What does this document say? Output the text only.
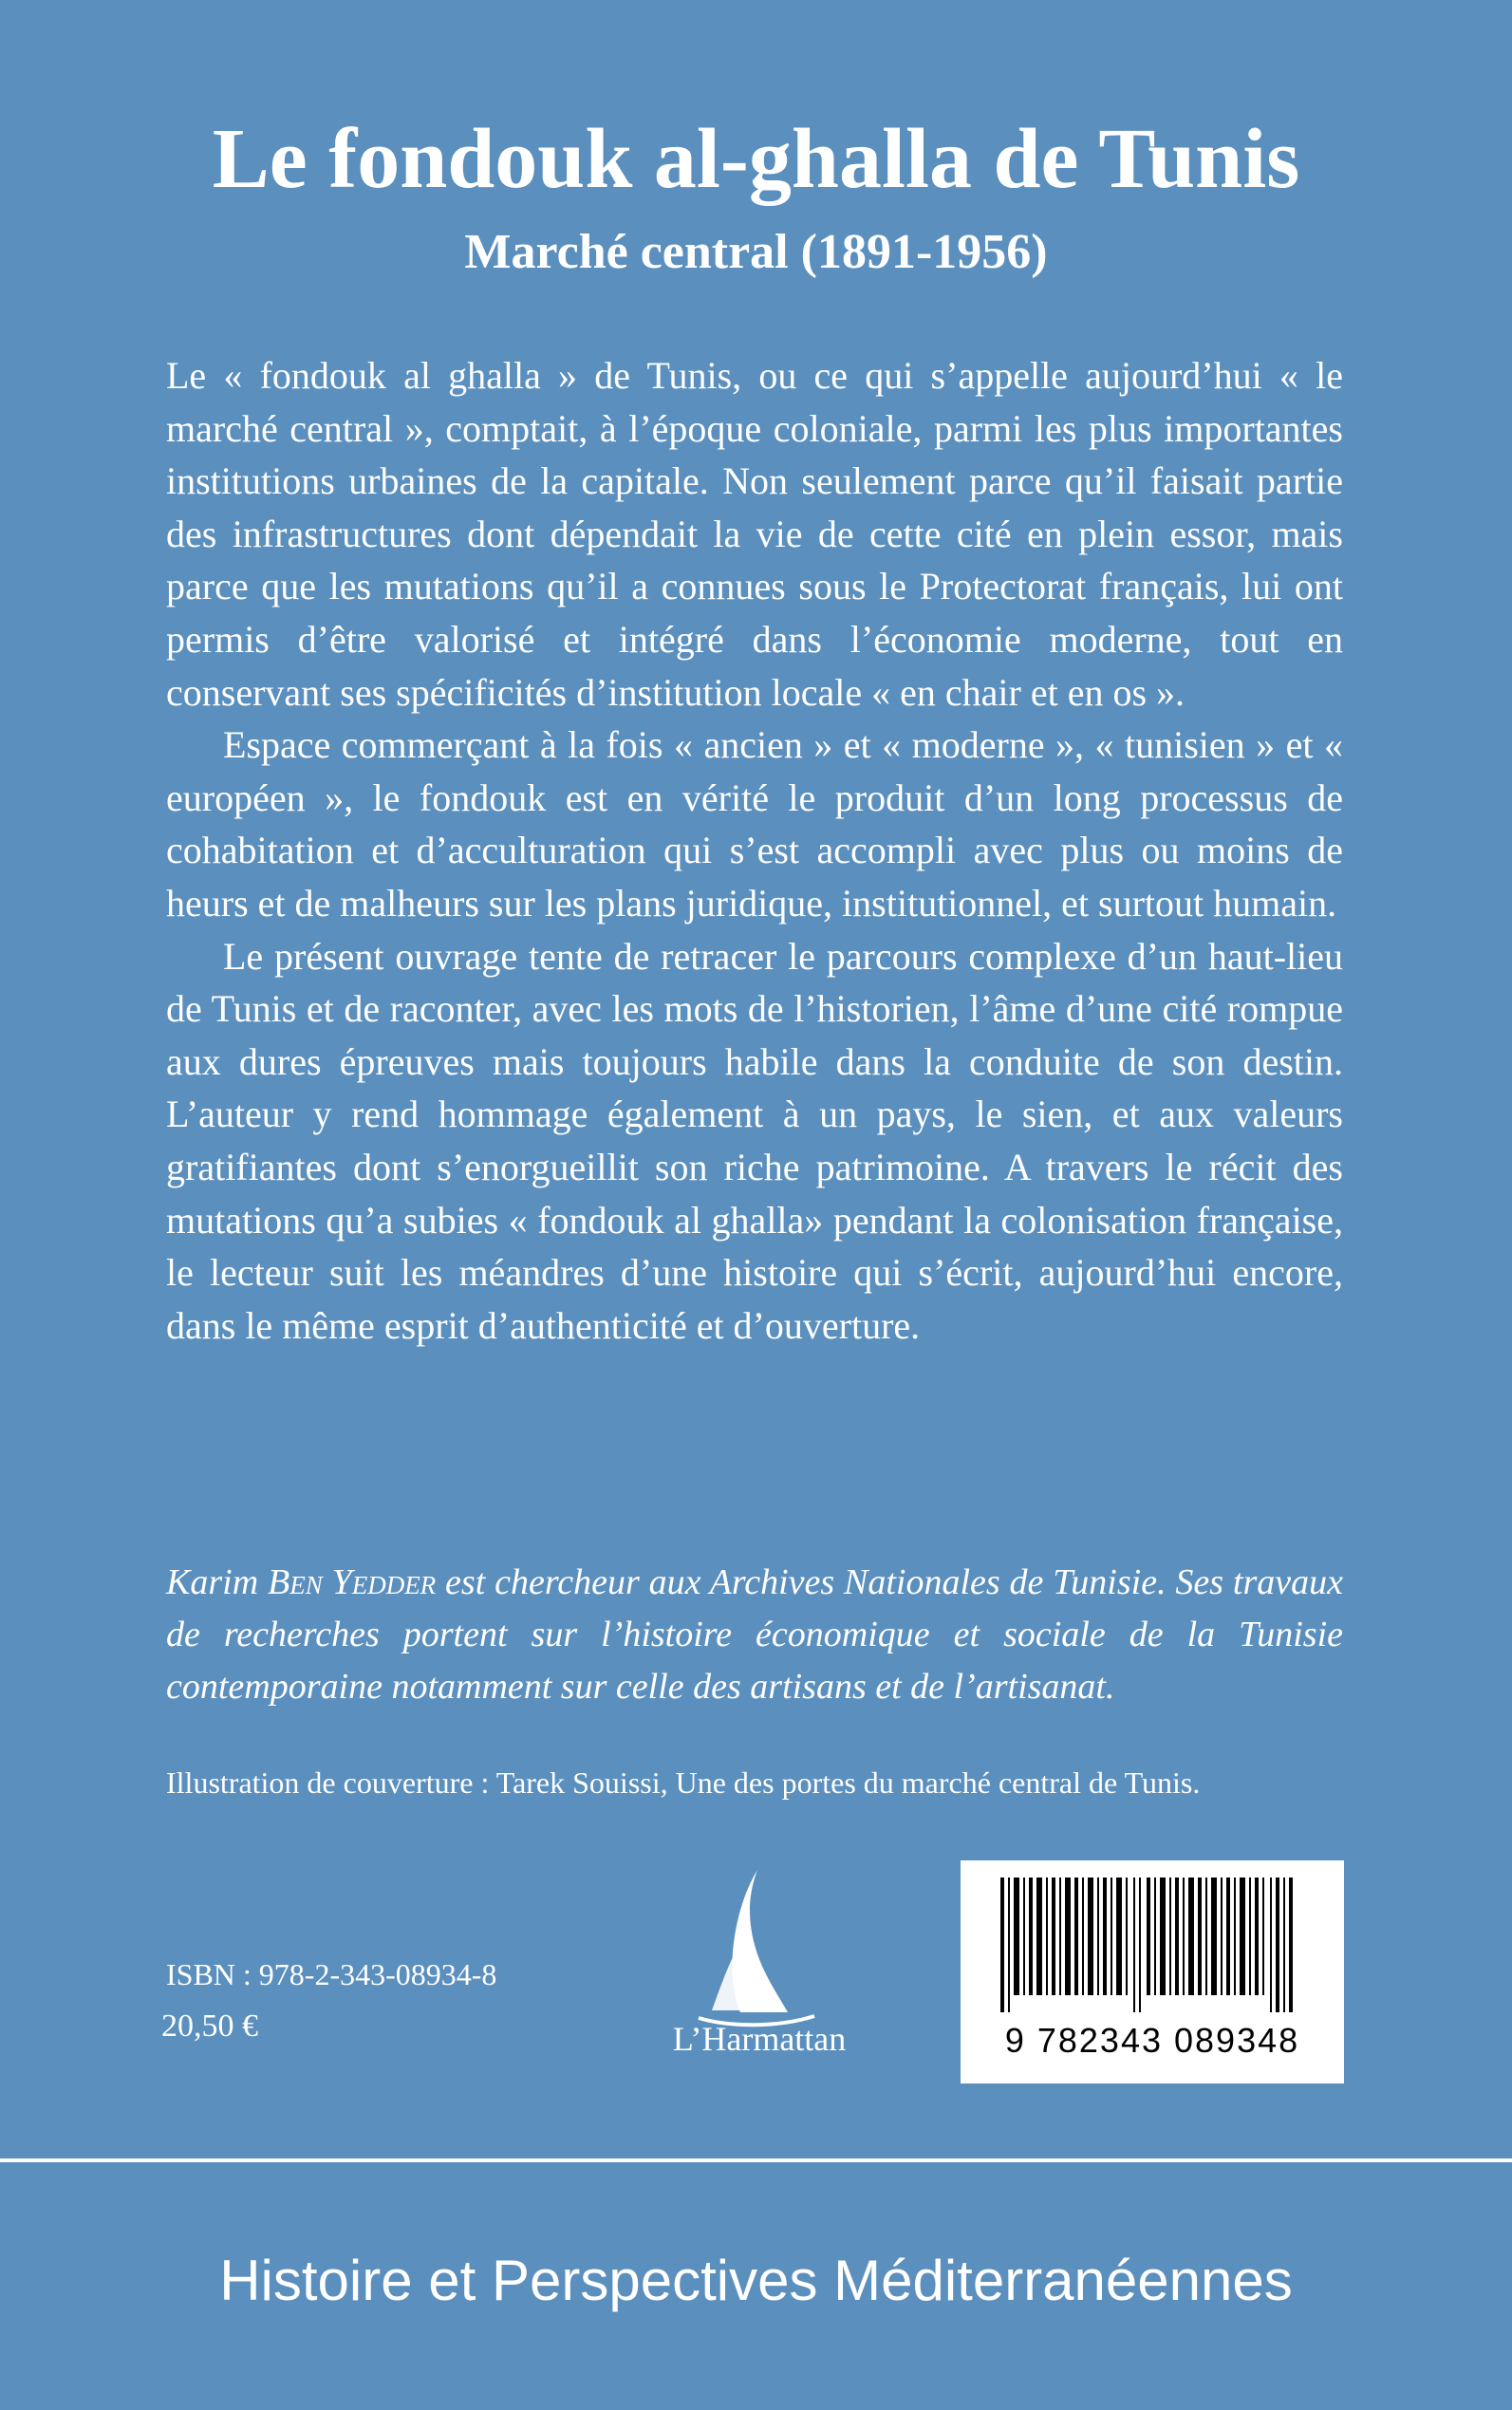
Le fondouk al-ghalla de Tunis
Marché central (1891-1956)

Le « fondouk al ghalla » de Tunis, ou ce qui s’appelle aujourd’hui « le marché central », comptait, à l’époque coloniale, parmi les plus importantes institutions urbaines de la capitale. Non seulement parce qu’il faisait partie des infrastructures dont dépendait la vie de cette cité en plein essor, mais parce que les mutations qu’il a connues sous le Protectorat français, lui ont permis d’être valorisé et intégré dans l’économie moderne, tout en conservant ses spécificités d’institution locale « en chair et en os ».

Espace commerçant à la fois « ancien » et « moderne », « tunisien » et « européen », le fondouk est en vérité le produit d’un long processus de cohabitation et d’acculturation qui s’est accompli avec plus ou moins de heurs et de malheurs sur les plans juridique, institutionnel, et surtout humain.

Le présent ouvrage tente de retracer le parcours complexe d’un haut-lieu de Tunis et de raconter, avec les mots de l’historien, l’âme d’une cité rompue aux dures épreuves mais toujours habile dans la conduite de son destin. L’auteur y rend hommage également à un pays, le sien, et aux valeurs gratifiantes dont s’enorgueillit son riche patrimoine. A travers le récit des mutations qu’a subies « fondouk al ghalla» pendant la colonisation française, le lecteur suit les méandres d’une histoire qui s’écrit, aujourd’hui encore, dans le même esprit d’authenticité et d’ouverture.

Karim Ben Yedder est chercheur aux Archives Nationales de Tunisie. Ses travaux de recherches portent sur l’histoire économique et sociale de la Tunisie contemporaine notamment sur celle des artisans et de l’artisanat.

Illustration de couverture : Tarek Souissi, Une des portes du marché central de Tunis.

ISBN : 978-2-343-08934-8
20,50 €	L’Harmattan	9 782343 089348
Histoire et Perspectives Méditerranéennes
